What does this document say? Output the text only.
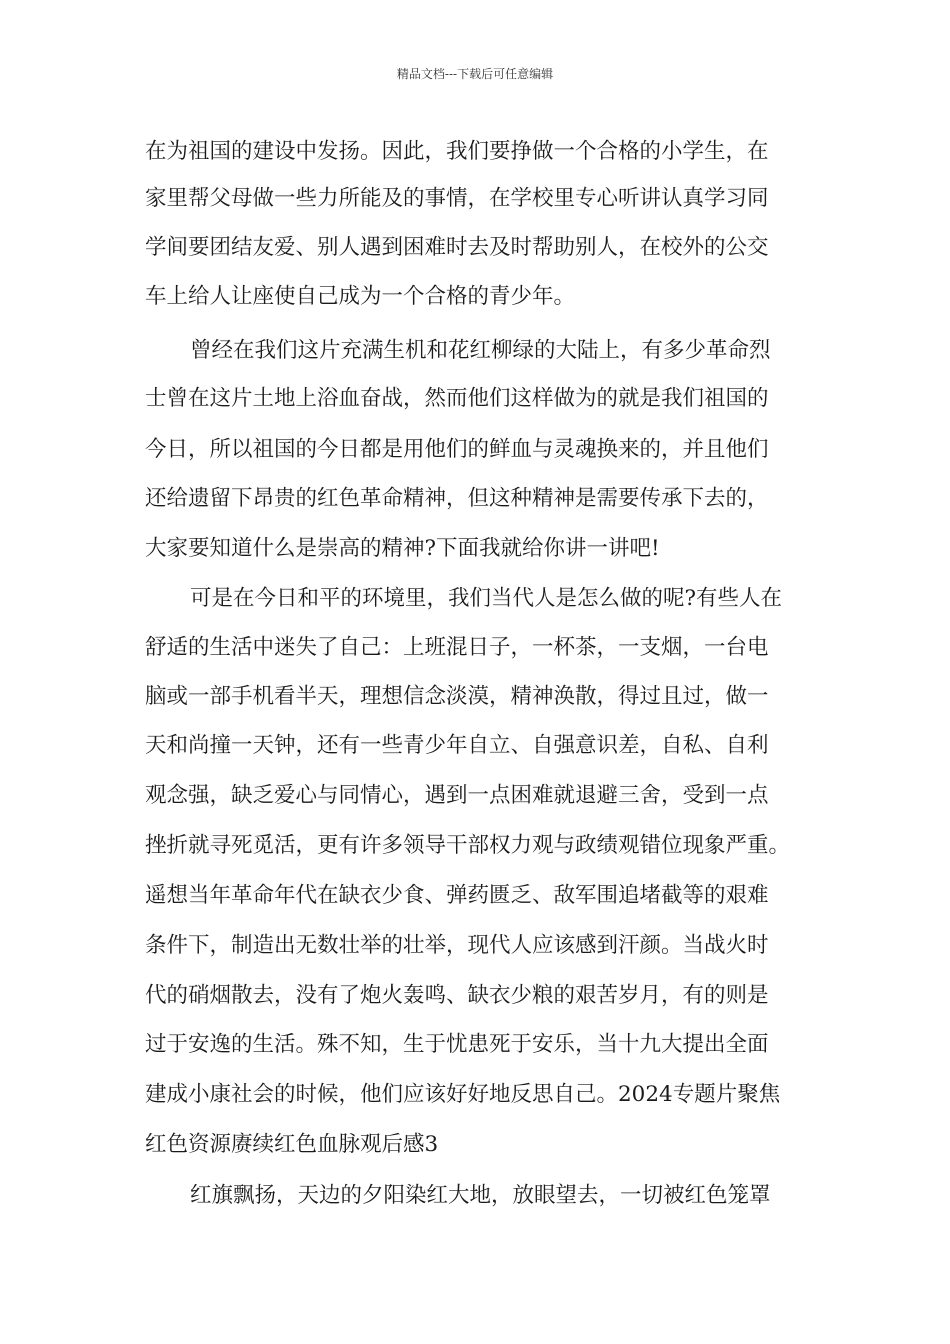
精品文档---下载后可任意编辑
在为祖国的建设中发扬。因此，我们要挣做一个合格的小学生，在
家里帮父母做一些力所能及的事情，在学校里专心听讲认真学习同
学间要团结友爱、别人遇到困难时去及时帮助别人，在校外的公交
车上给人让座使自己成为一个合格的青少年。
曾经在我们这片充满生机和花红柳绿的大陆上，有多少革命烈
士曾在这片土地上浴血奋战，然而他们这样做为的就是我们祖国的
今日，所以祖国的今日都是用他们的鲜血与灵魂换来的，并且他们
还给遗留下昂贵的红色革命精神，但这种精神是需要传承下去的，
大家要知道什么是崇高的精神?下面我就给你讲一讲吧!
可是在今日和平的环境里，我们当代人是怎么做的呢?有些人在
舒适的生活中迷失了自己：上班混日子，一杯茶，一支烟，一台电
脑或一部手机看半天，理想信念淡漠，精神涣散，得过且过，做一
天和尚撞一天钟，还有一些青少年自立、自强意识差，自私、自利
观念强，缺乏爱心与同情心，遇到一点困难就退避三舍，受到一点
挫折就寻死觅活，更有许多领导干部权力观与政绩观错位现象严重。
遥想当年革命年代在缺衣少食、弹药匮乏、敌军围追堵截等的艰难
条件下，制造出无数壮举的壮举，现代人应该感到汗颜。当战火时
代的硝烟散去，没有了炮火轰鸣、缺衣少粮的艰苦岁月，有的则是
过于安逸的生活。殊不知，生于忧患死于安乐，当十九大提出全面
建成小康社会的时候，他们应该好好地反思自己。2024专题片聚焦
红色资源赓续红色血脉观后感3
红旗飘扬，天边的夕阳染红大地，放眼望去，一切被红色笼罩
